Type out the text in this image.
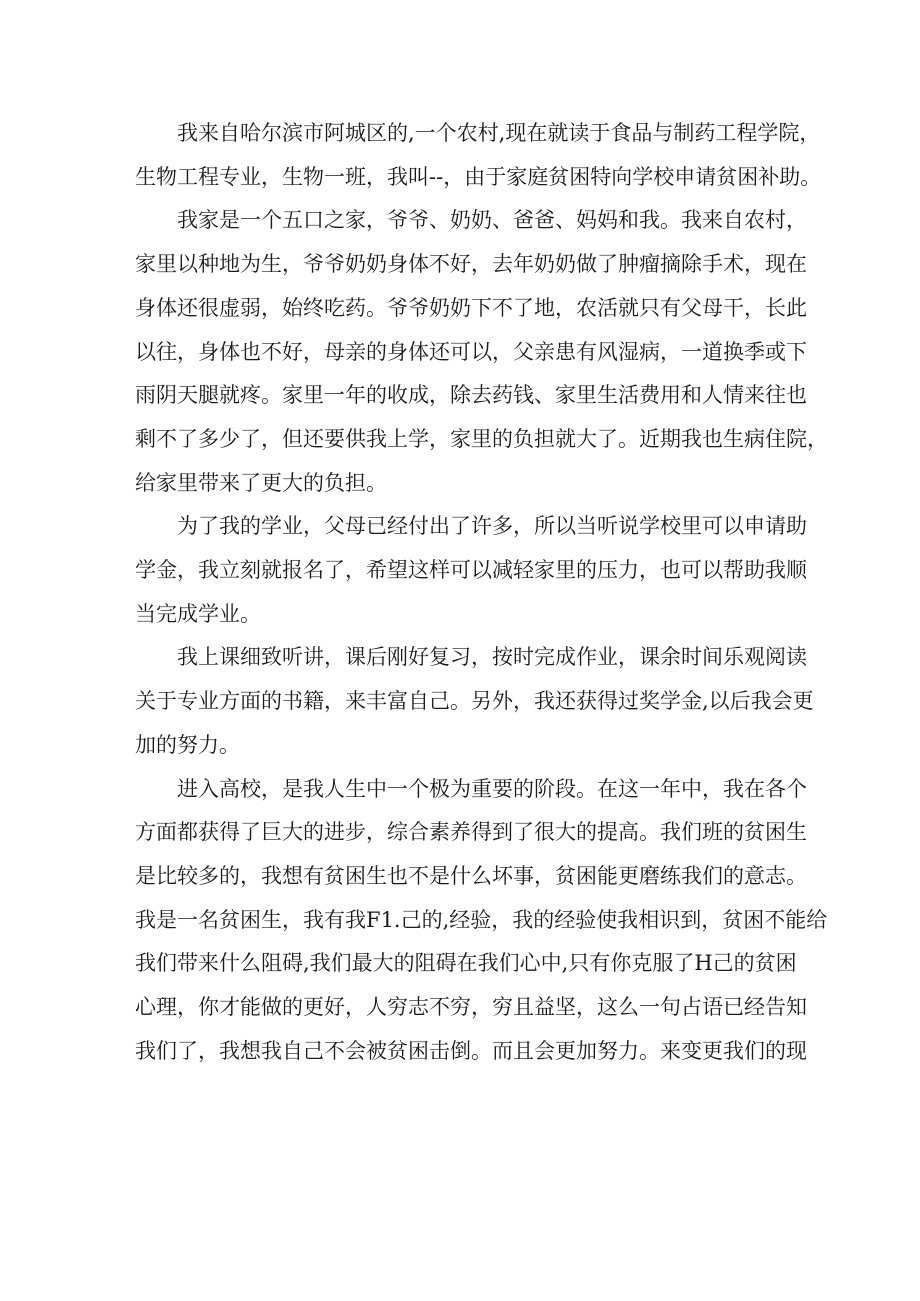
我来自哈尔滨市阿城区的,一个农村,现在就读于食品与制药工程学院，
生物工程专业，生物一班，我叫--，由于家庭贫困特向学校申请贫困补助。
我家是一个五口之家，爷爷、奶奶、爸爸、妈妈和我。我来自农村，
家里以种地为生，爷爷奶奶身体不好，去年奶奶做了肿瘤摘除手术，现在
身体还很虚弱，始终吃药。爷爷奶奶下不了地，农活就只有父母干，长此
以往，身体也不好，母亲的身体还可以，父亲患有风湿病，一道换季或下
雨阴天腿就疼。家里一年的收成，除去药钱、家里生活费用和人情来往也
剩不了多少了，但还要供我上学，家里的负担就大了。近期我也生病住院，
给家里带来了更大的负担。
为了我的学业，父母已经付出了许多，所以当听说学校里可以申请助
学金，我立刻就报名了，希望这样可以减轻家里的压力，也可以帮助我顺
当完成学业。
我上课细致听讲，课后刚好复习，按时完成作业，课余时间乐观阅读
关于专业方面的书籍，来丰富自己。另外，我还获得过奖学金,以后我会更
加的努力。
进入高校，是我人生中一个极为重要的阶段。在这一年中，我在各个
方面都获得了巨大的进步，综合素养得到了很大的提高。我们班的贫困生
是比较多的，我想有贫困生也不是什么坏事，贫困能更磨练我们的意志。
我是一名贫困生，我有我F1.己的,经验，我的经验使我相识到，贫困不能给
我们带来什么阻碍,我们最大的阻碍在我们心中,只有你克服了H己的贫困
心理，你才能做的更好，人穷志不穷，穷且益坚，这么一句占语已经告知
我们了，我想我自己不会被贫困击倒。而且会更加努力。来变更我们的现
